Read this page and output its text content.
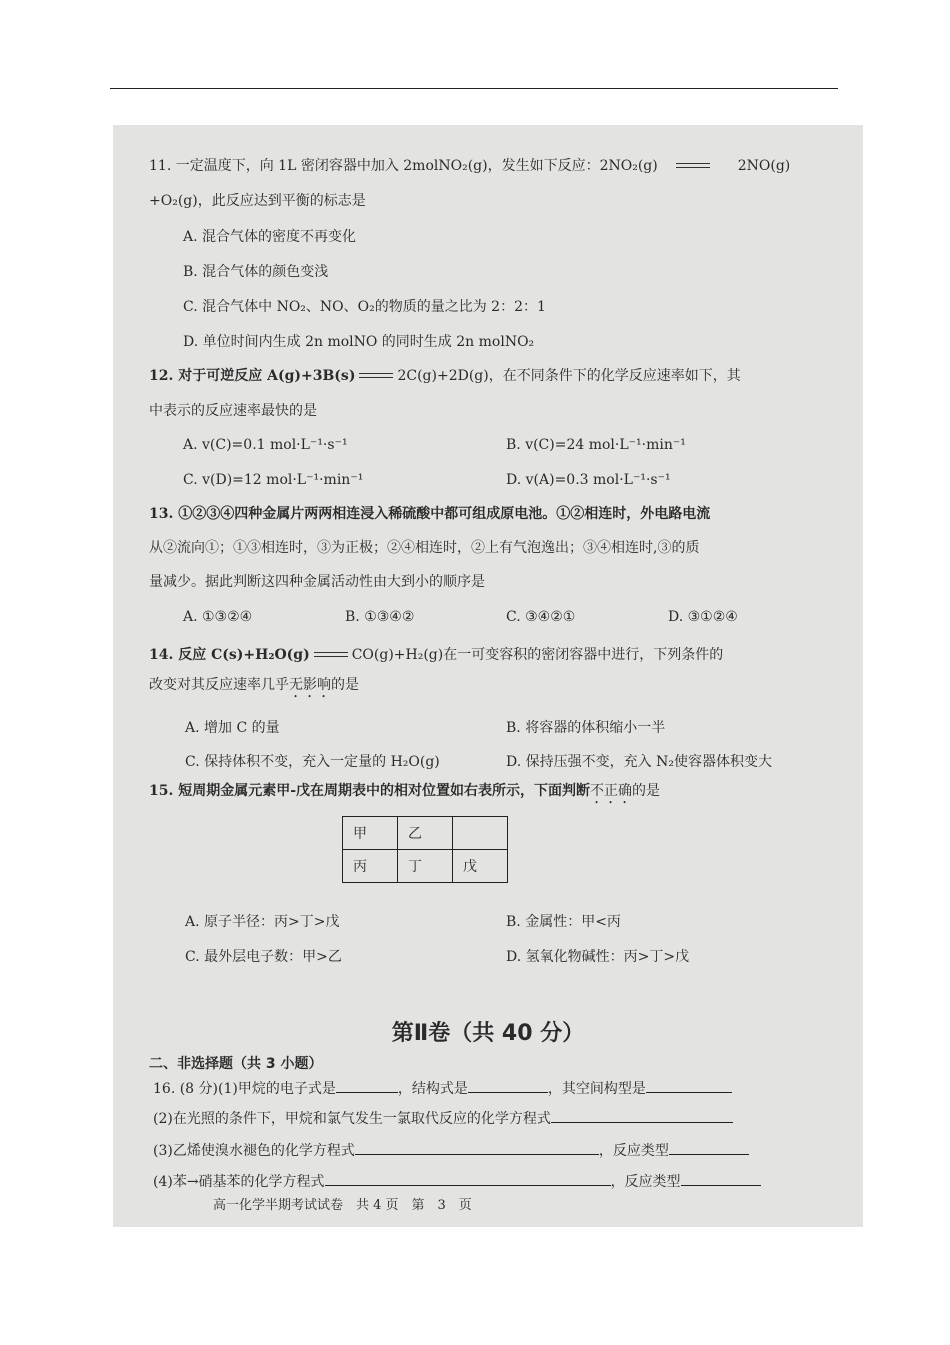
11. 一定温度下，向 1L 密闭容器中加入 2molNO₂(g)，发生如下反应：2NO₂(g)	2NO(g)
+O₂(g)，此反应达到平衡的标志是
A. 混合气体的密度不再变化
B. 混合气体的颜色变浅
C. 混合气体中 NO₂、NO、O₂的物质的量之比为 2：2：1
D. 单位时间内生成 2n molNO 的同时生成 2n molNO₂
12. 对于可逆反应 A(g)+3B(s)	2C(g)+2D(g)，在不同条件下的化学反应速率如下，其
中表示的反应速率最快的是
A. v(C)=0.1 mol·L⁻¹·s⁻¹	B. v(C)=24 mol·L⁻¹·min⁻¹
C. v(D)=12 mol·L⁻¹·min⁻¹	D. v(A)=0.3 mol·L⁻¹·s⁻¹
13. ①②③④四种金属片两两相连浸入稀硫酸中都可组成原电池。①②相连时，外电路电流
从②流向①；①③相连时，③为正极；②④相连时，②上有气泡逸出；③④相连时,③的质
量减少。据此判断这四种金属活动性由大到小的顺序是
A. ①③②④	B. ①③④②	C. ③④②①	D. ③①②④
14. 反应 C(s)+H₂O(g)	CO(g)+H₂(g)在一可变容积的密闭容器中进行，下列条件的
改变对其反应速率几乎无影响的是
A. 增加 C 的量	B. 将容器的体积缩小一半
C. 保持体积不变，充入一定量的 H₂O(g)	D. 保持压强不变，充入 N₂使容器体积变大
15. 短周期金属元素甲-戊在周期表中的相对位置如右表所示，下面判断不正确的是
甲	乙	
丙	丁	戊
A. 原子半径：丙>丁>戊	B. 金属性：甲<丙
C. 最外层电子数：甲>乙	D. 氢氧化物碱性：丙>丁>戊
第Ⅱ卷（共 40 分）
二、非选择题（共 3 小题）
16. (8 分)(1)甲烷的电子式是	，结构式是	，其空间构型是
(2)在光照的条件下，甲烷和氯气发生一氯取代反应的化学方程式
(3)乙烯使溴水褪色的化学方程式	，反应类型
(4)苯→硝基苯的化学方程式	，反应类型
高一化学半期考试试卷　共 4 页　第　3　页
